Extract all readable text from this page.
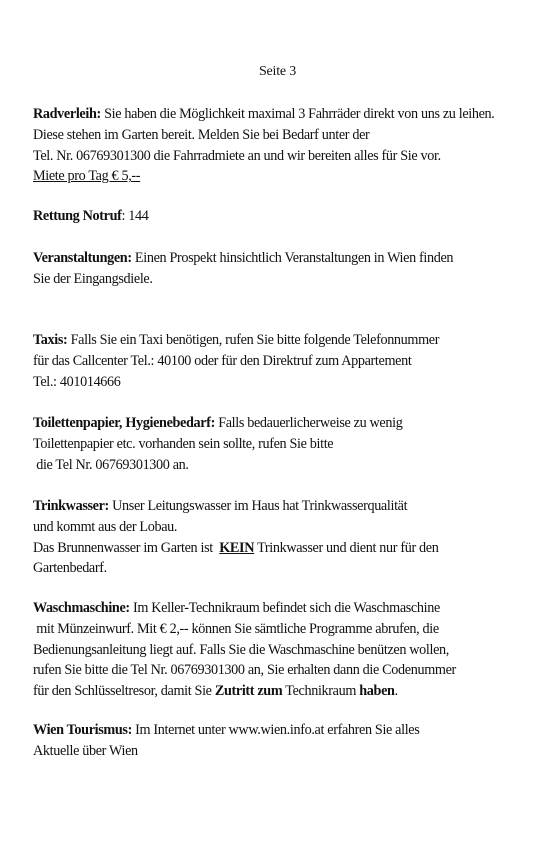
Seite 3
Radverleih: Sie haben die Möglichkeit maximal 3 Fahrräder direkt von uns zu leihen.
Diese stehen im Garten bereit. Melden Sie bei Bedarf unter der
Tel. Nr. 06769301300 die Fahrradmiete an und wir bereiten alles für Sie vor.
Miete pro Tag € 5,--
Rettung Notruf: 144
Veranstaltungen: Einen Prospekt hinsichtlich Veranstaltungen in Wien finden
Sie der Eingangsdiele.
Taxis: Falls Sie ein Taxi benötigen, rufen Sie bitte folgende Telefonnummer
für das Callcenter Tel.: 40100 oder für den Direktruf zum Appartement
Tel.: 401014666
Toilettenpapier, Hygienebedarf: Falls bedauerlicherweise zu wenig
Toilettenpapier etc. vorhanden sein sollte, rufen Sie bitte
die Tel Nr. 06769301300 an.
Trinkwasser: Unser Leitungswasser im Haus hat Trinkwasserqualität
und kommt aus der Lobau.
Das Brunnenwasser im Garten ist  KEIN Trinkwasser und dient nur für den
Gartenbedarf.
Waschmaschine: Im Keller-Technikraum befindet sich die Waschmaschine
mit Münzeinwurf. Mit € 2,-- können Sie sämtliche Programme abrufen, die
Bedienungsanleitung liegt auf. Falls Sie die Waschmaschine benützen wollen,
rufen Sie bitte die Tel Nr. 06769301300 an, Sie erhalten dann die Codenummer
für den Schlüsseltresor, damit Sie Zutritt zum Technikraum haben.
Wien Tourismus: Im Internet unter www.wien.info.at erfahren Sie alles
Aktuelle über Wien
